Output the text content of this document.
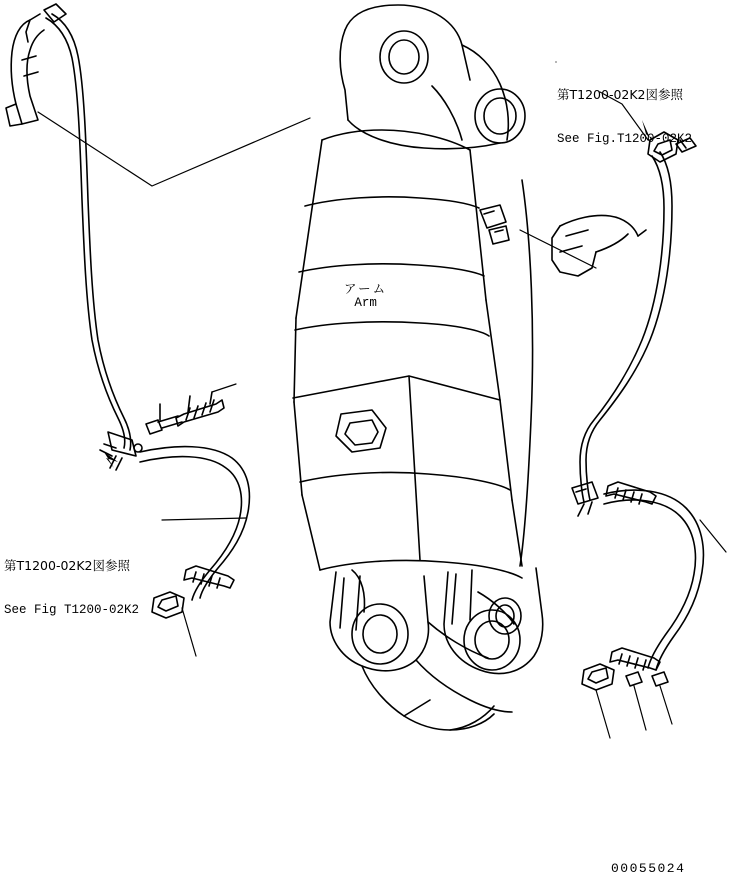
第T1200-02K2図参照

See Fig.T1200-02K2

第T1200-02K2図参照

See Fig T1200-02K2

アーム
Arm
00055024
